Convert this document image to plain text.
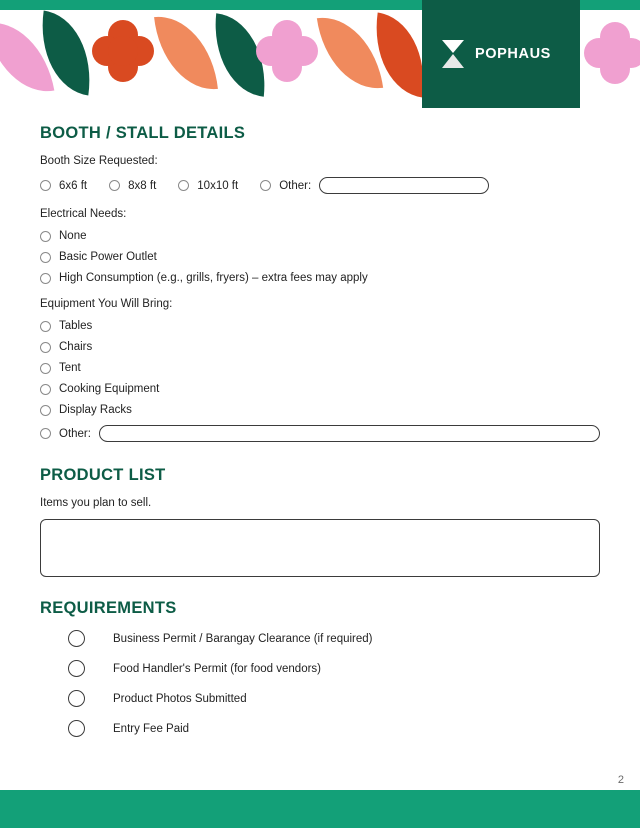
POPHAUS
BOOTH / STALL DETAILS

Booth Size Requested:

6x6 ft	8x8 ft	10x10 ft	Other:

Electrical Needs:

None
Basic Power Outlet
High Consumption (e.g., grills, fryers) – extra fees may apply

Equipment You Will Bring:

Tables
Chairs
Tent
Cooking Equipment
Display Racks
Other:
PRODUCT LIST

Items you plan to sell.

REQUIREMENTS
Business Permit / Barangay Clearance (if required)
Food Handler's Permit (for food vendors)
Product Photos Submitted
Entry Fee Paid
2
